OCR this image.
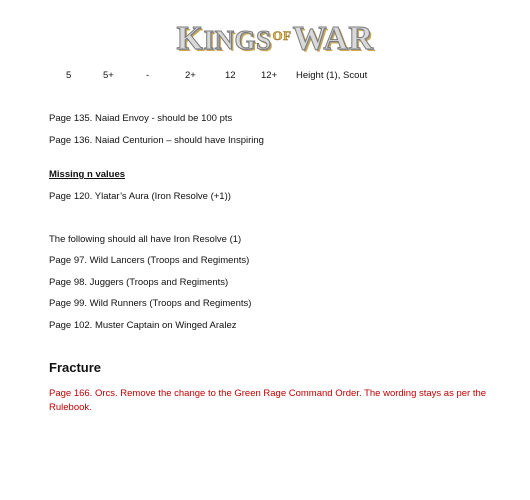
$KINGS^{OF}WAR$
5	5+	-	2+	12	12+ Height (1), Scout
Page 135. Naiad Envoy - should be 100 pts
Page 136. Naiad Centurion – should have Inspiring
Missing n values
Page 120. Ylatar’s Aura (Iron Resolve (+1))
The following should all have Iron Resolve (1)
Page 97. Wild Lancers (Troops and Regiments)
Page 98. Juggers (Troops and Regiments)
Page 99. Wild Runners (Troops and Regiments)
Page 102. Muster Captain on Winged Aralez
Fracture
Page 166. Orcs. Remove the change to the Green Rage Command Order. The wording stays as per the Rulebook.
